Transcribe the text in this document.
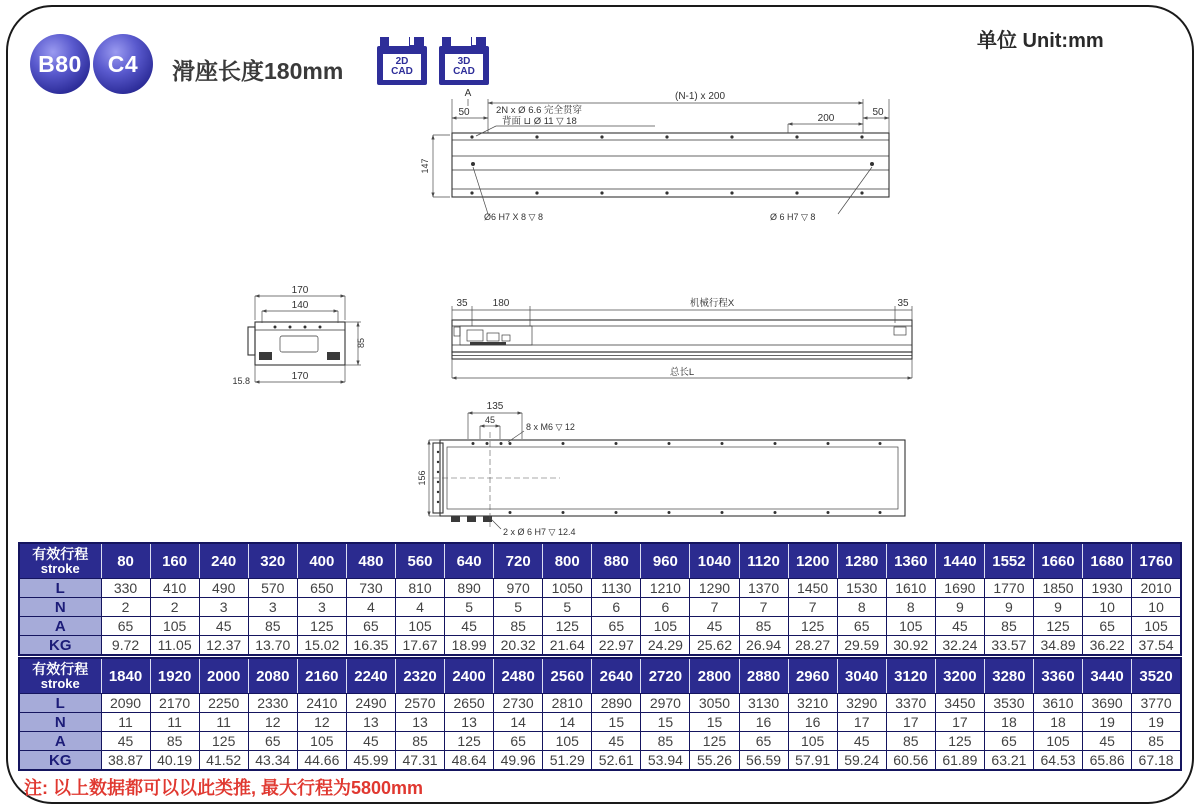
B80	C4	滑座长度180mm	2D
CAD
3D
CAD
单位 Unit:mm
A	(N-1) x 200
50	50
200
147
2N x Ø 6.6 完全贯穿
背面 ⊔ Ø 11 ▽ 18
Ø6 H7 X 8 ▽ 8	Ø 6 H7 ▽ 8
170
140
85
15.8	170
35	180	机械行程X	35
总长L
135
45
8 x M6 ▽ 12
156
2 x Ø 6 H7 ▽ 12.4
有效行程
stroke	80	160	240	320	400	480	560	640	720	800	880	960	1040	1120	1200	1280	1360	1440	1552	1660	1680	1760
L	330	410	490	570	650	730	810	890	970	1050	1130	1210	1290	1370	1450	1530	1610	1690	1770	1850	1930	2010
N	2	2	3	3	3	4	4	5	5	5	6	6	7	7	7	8	8	9	9	9	10	10
A	65	105	45	85	125	65	105	45	85	125	65	105	45	85	125	65	105	45	85	125	65	105
KG	9.72	11.05	12.37	13.70	15.02	16.35	17.67	18.99	20.32	21.64	22.97	24.29	25.62	26.94	28.27	29.59	30.92	32.24	33.57	34.89	36.22	37.54
有效行程
stroke	1840	1920	2000	2080	2160	2240	2320	2400	2480	2560	2640	2720	2800	2880	2960	3040	3120	3200	3280	3360	3440	3520
L	2090	2170	2250	2330	2410	2490	2570	2650	2730	2810	2890	2970	3050	3130	3210	3290	3370	3450	3530	3610	3690	3770
N	11	11	11	12	12	13	13	13	14	14	15	15	15	16	16	17	17	17	18	18	19	19
A	45	85	125	65	105	45	85	125	65	105	45	85	125	65	105	45	85	125	65	105	45	85
KG	38.87	40.19	41.52	43.34	44.66	45.99	47.31	48.64	49.96	51.29	52.61	53.94	55.26	56.59	57.91	59.24	60.56	61.89	63.21	64.53	65.86	67.18
注: 以上数据都可以以此类推, 最大行程为5800mm
